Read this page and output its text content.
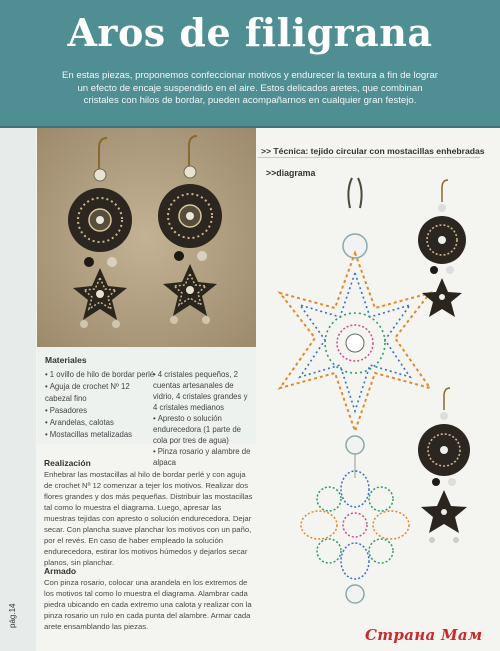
Aros de filigrana

En estas piezas, proponemos confeccionar motivos y endurecer la textura a fin de lograr un efecto de encaje suspendido en el aire. Estos delicados aretes, que combinan cristales con hilos de bordar, pueden acompañarnos en cualquier gran festejo.

pág.14
Materiales
• 1 ovillo de hilo de bordar perlé
• Aguja de crochet Nº 12 cabezal fino
• Pasadores
• Arandelas, calotas
• Mostacillas metalizadas
• 4 cristales pequeños, 2 cuentas artesanales de vidrio, 4 cristales grandes y 4 cristales medianos
• Apresto o solución endurecedora (1 parte de cola por tres de agua)
• Pinza rosario y alambre de alpaca
Realización

Enhebrar las mostacillas al hilo de bordar perlé y con aguja de crochet Nº 12 comenzar a tejer los motivos. Realizar dos flores grandes y dos más pequeñas. Distribuir las mostacillas tal como lo muestra el diagrama. Luego, apresar las muestras tejidas con apresto o solución endurecedora. Dejar secar. Con plancha suave planchar los motivos con un paño, por el revés. En caso de haber empleado la solución endurecedora, estirar los motivos húmedos y dejarlos secar planos, sin planchar.

Armado

Con pinza rosario, colocar una arandela en los extremos de los motivos tal como lo muestra el diagrama. Alambrar cada piedra ubicando en cada extremo una calota y realizar con la pinza rosario un rulo en cada punta del alambre. Armar cada arete ensamblando las piezas.

>> Técnica: tejido circular con mostacillas enhebradas
>>diagrama
Страна Мам
